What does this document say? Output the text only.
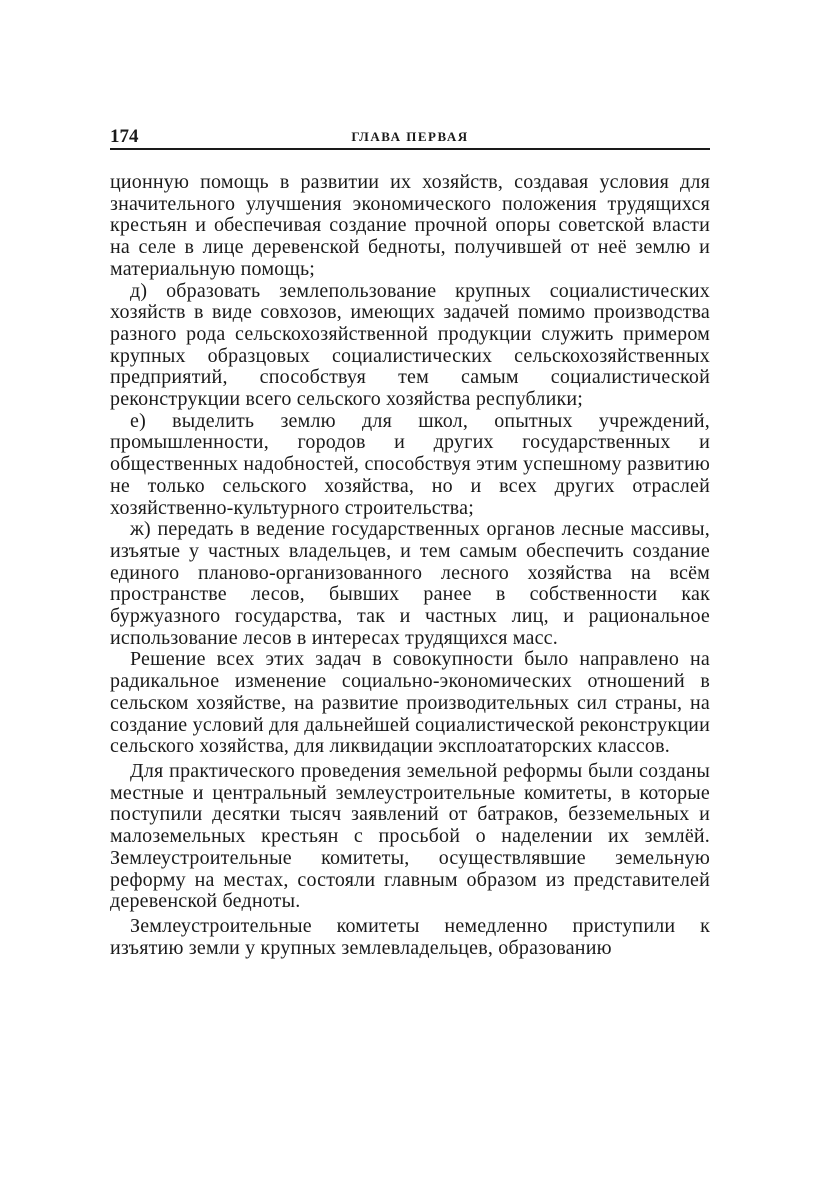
174	ГЛАВА ПЕРВАЯ

ционную помощь в развитии их хозяйств, создавая условия для значительного улучшения экономического положения трудящихся крестьян и обеспечивая создание прочной опоры советской власти на селе в лице деревенской бедноты, получившей от неё землю и материальную помощь;

д) образовать землепользование крупных социалистических хозяйств в виде совхозов, имеющих задачей помимо производства разного рода сельскохозяйственной продукции служить примером крупных образцовых социалистических сельскохозяйственных предприятий, способствуя тем самым социалистической реконструкции всего сельского хозяйства республики;

е) выделить землю для школ, опытных учреждений, промышленности, городов и других государственных и общественных надобностей, способствуя этим успешному развитию не только сельского хозяйства, но и всех других отраслей хозяйственно-культурного строительства;

ж) передать в ведение государственных органов лесные массивы, изъятые у частных владельцев, и тем самым обеспечить создание единого планово-организованного лесного хозяйства на всём пространстве лесов, бывших ранее в собственности как буржуазного государства, так и частных лиц, и рациональное использование лесов в интересах трудящихся масс.

Решение всех этих задач в совокупности было направлено на радикальное изменение социально-экономических отношений в сельском хозяйстве, на развитие производительных сил страны, на создание условий для дальнейшей социалистической реконструкции сельского хозяйства, для ликвидации эксплоататорских классов.

Для практического проведения земельной реформы были созданы местные и центральный землеустроительные комитеты, в которые поступили десятки тысяч заявлений от батраков, безземельных и малоземельных крестьян с просьбой о наделении их землёй. Землеустроительные комитеты, осуществлявшие земельную реформу на местах, состояли главным образом из представителей деревенской бедноты.

Землеустроительные комитеты немедленно приступили к изъятию земли у крупных землевладельцев, образованию
